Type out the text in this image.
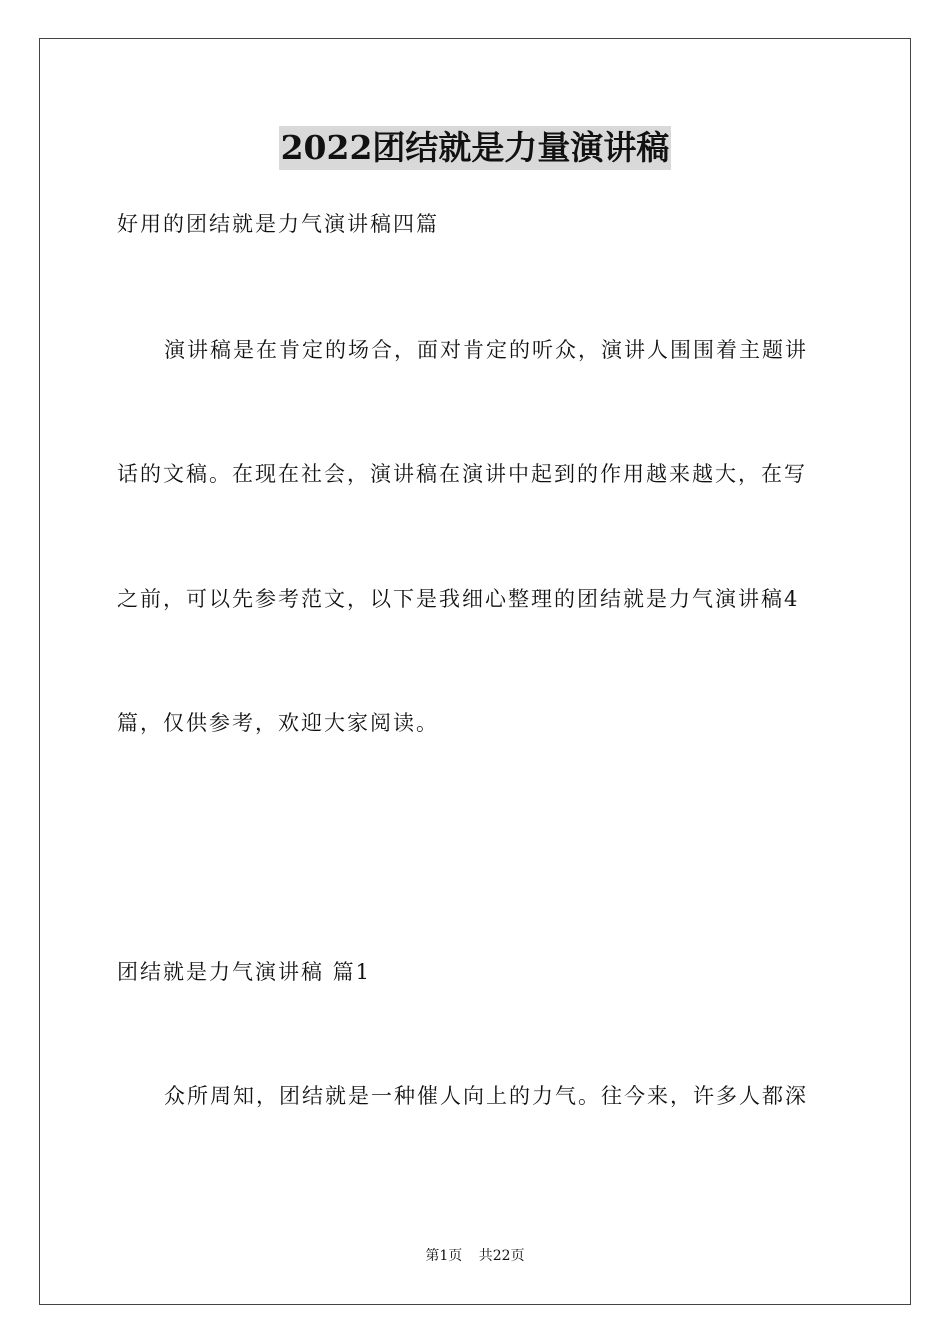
2022团结就是力量演讲稿
好用的团结就是力气演讲稿四篇
演讲稿是在肯定的场合，面对肯定的听众，演讲人围围着主题讲
话的文稿。在现在社会，演讲稿在演讲中起到的作用越来越大，在写
之前，可以先参考范文，以下是我细心整理的团结就是力气演讲稿4
篇，仅供参考，欢迎大家阅读。
团结就是力气演讲稿 篇1
众所周知，团结就是一种催人向上的力气。往今来，许多人都深
第1页 共22页
